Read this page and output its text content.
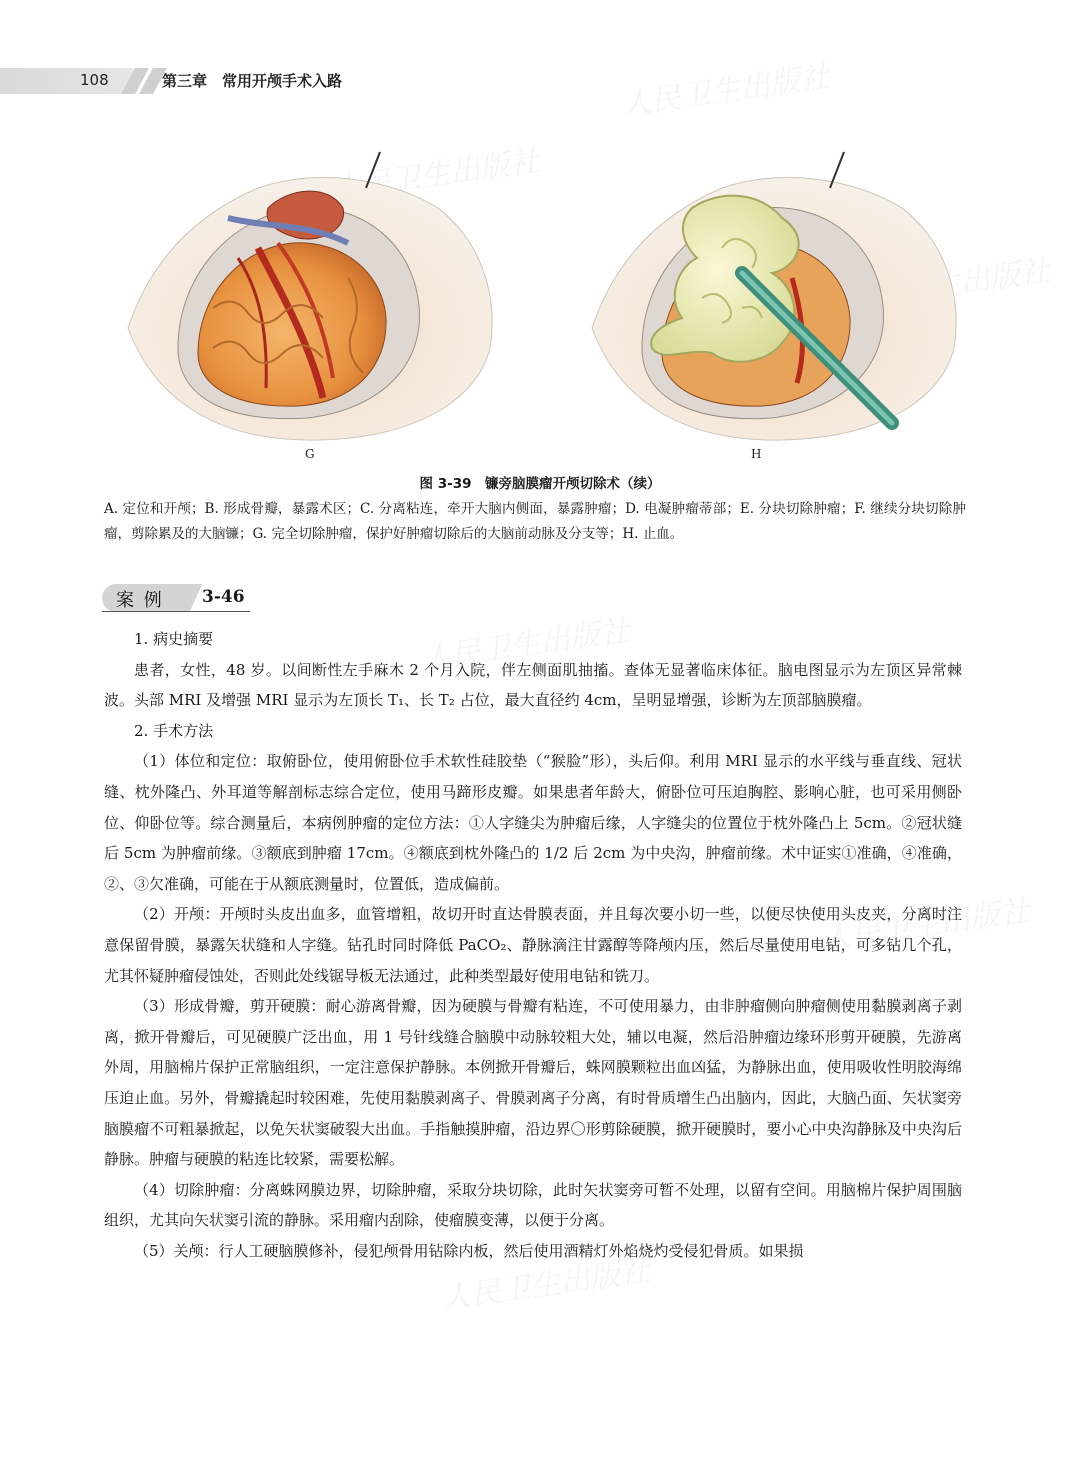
108	第三章　常用开颅手术入路
人民卫生出版社
人民卫生出版社
人民卫生出版社
人民卫生出版社
G	H
图 3-39　镰旁脑膜瘤开颅切除术（续）
A. 定位和开颅；B. 形成骨瓣，暴露术区；C. 分离粘连，牵开大脑内侧面，暴露肿瘤；D. 电凝肿瘤蒂部；E. 分块切除肿瘤；F. 继续分块切除肿瘤，剪除累及的大脑镰；G. 完全切除肿瘤，保护好肿瘤切除后的大脑前动脉及分支等；H. 止血。
案 例 3-46

1. 病史摘要

患者，女性，48 岁。以间断性左手麻木 2 个月入院，伴左侧面肌抽搐。查体无显著临床体征。脑电图显示为左顶区异常棘波。头部 MRI 及增强 MRI 显示为左顶长 T₁、长 T₂ 占位，最大直径约 4cm，呈明显增强，诊断为左顶部脑膜瘤。

2. 手术方法

（1）体位和定位：取俯卧位，使用俯卧位手术软性硅胶垫（“猴脸”形），头后仰。利用 MRI 显示的水平线与垂直线、冠状缝、枕外隆凸、外耳道等解剖标志综合定位，使用马蹄形皮瓣。如果患者年龄大，俯卧位可压迫胸腔、影响心脏，也可采用侧卧位、仰卧位等。综合测量后，本病例肿瘤的定位方法：①人字缝尖为肿瘤后缘，人字缝尖的位置位于枕外隆凸上 5cm。②冠状缝后 5cm 为肿瘤前缘。③额底到肿瘤 17cm。④额底到枕外隆凸的 1/2 后 2cm 为中央沟，肿瘤前缘。术中证实①准确，④准确，②、③欠准确，可能在于从额底测量时，位置低，造成偏前。

（2）开颅：开颅时头皮出血多，血管增粗，故切开时直达骨膜表面，并且每次要小切一些，以便尽快使用头皮夹，分离时注意保留骨膜，暴露矢状缝和人字缝。钻孔时同时降低 PaCO₂、静脉滴注甘露醇等降颅内压，然后尽量使用电钻，可多钻几个孔，尤其怀疑肿瘤侵蚀处，否则此处线锯导板无法通过，此种类型最好使用电钻和铣刀。

（3）形成骨瓣，剪开硬膜：耐心游离骨瓣，因为硬膜与骨瓣有粘连，不可使用暴力，由非肿瘤侧向肿瘤侧使用黏膜剥离子剥离，掀开骨瓣后，可见硬膜广泛出血，用 1 号针线缝合脑膜中动脉较粗大处，辅以电凝，然后沿肿瘤边缘环形剪开硬膜，先游离外周，用脑棉片保护正常脑组织，一定注意保护静脉。本例掀开骨瓣后，蛛网膜颗粒出血凶猛，为静脉出血，使用吸收性明胶海绵压迫止血。另外，骨瓣撬起时较困难，先使用黏膜剥离子、骨膜剥离子分离，有时骨质增生凸出脑内，因此，大脑凸面、矢状窦旁脑膜瘤不可粗暴掀起，以免矢状窦破裂大出血。手指触摸肿瘤，沿边界〇形剪除硬膜，掀开硬膜时，要小心中央沟静脉及中央沟后静脉。肿瘤与硬膜的粘连比较紧，需要松解。

（4）切除肿瘤：分离蛛网膜边界，切除肿瘤，采取分块切除，此时矢状窦旁可暂不处理，以留有空间。用脑棉片保护周围脑组织，尤其向矢状窦引流的静脉。采用瘤内刮除，使瘤膜变薄，以便于分离。

（5）关颅：行人工硬脑膜修补，侵犯颅骨用钻除内板，然后使用酒精灯外焰烧灼受侵犯骨质。如果损
